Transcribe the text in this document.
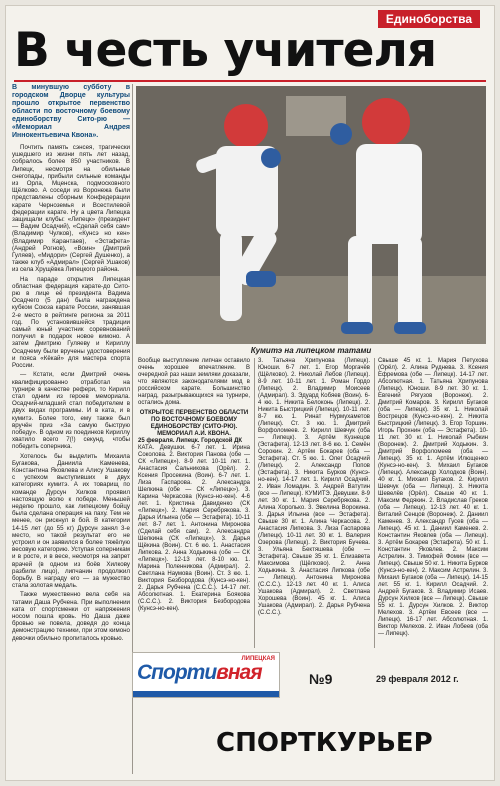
Единоборства
В честь учителя
В минувшую субботу в городском Дворце культуры прошло открытое первенство области по восточному боевому единоборству Сито-рю — «Мемориал Андрея Иннокентьевича Квона».

Почтить память сэнсея, трагически ушедшего из жизни пять лет назад, собралось более 850 участников. В Липецк, несмотря на обильные снегопады, прибыли сильные команды из Орла, Мценска, подмосковного Щёлково. А соседи из Воронежа были представлены сборным Конфедерации карате Черноземья и Всестилевой федерации карате. Ну а цвета Липецка защищали клубы: «Липецк» (президент — Вадим Осадчий), «Сделай себя сам» (Владимир Чулков), «Кунсэ но кен» (Владимир Карантаев), «Эстафета» (Андрей Рогнов), «Воин» (Дмитрий Гуляев), «Мидори» (Сергей Душенко), а также клуб «Адмирал» (Сергей Ушаков) из села Хрущёвка Липецкого района.

На параде открытия Липецкая областная федерация карате-до Сито-рю в лице её президента Вадима Осадчего (5 дан) была награждена кубком Союза карате России, занявшая 2-е место в рейтинге региона за 2011 год. По установившейся традиции самый юный участник соревнований получил в подарок новое кимоно. А затем Дмитрию Гуляеву и Кириллу Осадчему были вручены удостоверения и пояса «Кёкай» для мастера спорта России.

— Кстати, если Дмитрий очень квалифицированно отработал на турнире в качестве рефери, то Кирилл стал одним из героев мемориала. Осадчий-младший стал победителем в двух видах программы. И в ката, и в кумитэ. Более того, ему также был вручён приз «За самую быструю победу». В одном из поединков Кириллу хватило всего 7(!) секунд, чтобы победить соперника.

Хотелось бы выделить Михаила Бугакова, Даниила Каменева, Константина Яковлева и Алису Ушакову с успехом выступивших в двух категориях кумитэ. А их товарищ по команде Дурсун Хилков проявил настоящую волю к победе. Меньшей неделю прошло, как липецкому бойцу была сделана операция на паху. Тем не менее, он рискнул в бой. В категории 14-15 лет (до 55 кг) Дурсун занял 3-е место, но такой результат его не устроил и он заявился в более тяжёлую весовую категорию. Уступая соперникам и в росте, и в весе, несмотря на запрет врачей (в одном из боёв Хилкову разбили лицо), липчанин продолжил борьбу. В награду его — за мужество стала золотая медаль.

Также мужественно вела себя на татами Даша Рубчена. При выполнении ката от спортсменки от напряжения носом пошла кровь. Но Даша даже бровью не повела, доведя до конца демонстрацию техники, при этом кимоно девочки обильно пропиталось кровью.

Кумитэ на липецком татами
Вообще выступление липчан оставило очень хорошее впечатление. В очередной раз наши земляки доказали, что являются законодателями мод в российском карате. Большинство наград, разыгрывающихся на турнире, остались дома.
ОТКРЫТОЕ ПЕРВЕНСТВО ОБЛАСТИ ПО ВОСТОЧНОМУ БОЕВОМУ ЕДИНОБОРСТВУ (СИТО-РЮ). МЕМОРИАЛ А.И. КВОНА.
25 февраля. Липецк. Городской ДК
КАТА. Девушки. 6-7 лет. 1. Ирина Соколова. 2. Виктория Панова (обе — СК «Липецк»). 8-9 лет. 10-11 лет. 1. Анастасия Сальникова (Орёл). 2. Ксения Просекина (Воин). 6-7 лет. 1. Лиза Гаспарова. 2. Александра Шелкина (обе — СК «Липецк»). 3. Карина Черкасова (Кунсэ-но-кен). 4-6 лет. 1. Кристина Давиденко (СК «Липецк»). 2. Мария Серебрякова. 3. Дарья Ильина (обе — Эстафета). 10-11 лет. 8-7 лет. 1. Антонина Миронова (Сделай себя сам). 2. Александра Шелкина (СК «Липецк»). 3. Дарья Щёкина (Воин). Ст. 6 кю. 1. Анастасия Липкова. 2. Анна Ходыкина (обе — СК «Липецк»). 12-13 лет. 8-10 кю. 1. Марина Поленникова (Адмирал). 2. Светлана Наумова (Воин). Ст. 3 кю. 1. Виктория Безбородова (Кунсэ-но-кен). 2. Дарья Рубчена (С.С.С.). 14-17 лет. Абсолютная. 1. Екатерина Боякова (С.С.С.). 2. Виктория Безбородова (Кунсэ-но-кен).
3. Татьяна Хрипунова (Липецк). Юноши. 6-7 лет. 1. Егор Моргачёв (Щёлково). 2. Николай Лебов (Липецк). 8-9 лет. 10-11 лет. 1. Роман Гордо (Липецк). 2. Владимир Моисеев (Адмирал). 3. Эдуард Кобяев (Воин). 6-4 кю. 1. Никита Белоконь (Липецк). 2. Никита Быстрицкий (Липецк). 10-11 лет. 8-7 кю. 1. Ринат Нурмухаметов (Липецк). Ст. 3 кю. 1. Дмитрий Ворфоломеев. 2. Кирилл Шевчук (оба — Липецк). 3. Артём Кузнецов (Эстафета). 12-13 лет. 8-6 кю. 1. Семён Сорокин. 2. Артём Бокарев (оба — Эстафета). Ст. 5 кю. 1. Олег Осадчий (Липецк). 2. Александр Попов (Эстафета). 3. Никита Бурков (Кунсэ-но-кен). 14-17 лет. 1. Кирилл Осадчий. 2. Иван Ломадин. 3. Андрей Ватутин (все — Липецк). КУМИТЭ. Девушки. 8-9 лет. 30 кг. 1. Мария Серебрякова. 2. Алина Хоролько. 3. Эвелина Ворокина. 3. Дарья Ильина (все — Эстафета). Свыше 30 кг. 1. Алина Черкасова. 2. Анастасия Липкова. 3. Лиза Гаспарова (Липецк). 10-11 лет. 30 кг. 1. Валерия Озерова (Липецк). 2. Виктория Бучева. 3. Ульяна Бектяшева (обе — Эстафета). Свыше 35 кг. 1. Елизавета Максимова (Щёлково). 2. Анна Ходыкина. 3. Анастасия Липкова (обе — Липецк). Антонина Миронова (С.С.С.). 12-13 лет. 40 кг. 1. Алиса Ушакова (Адмирал). 2. Светлана Хорошева (Воин). 45 кг. 1. Алиса Ушакова (Адмирал). 2. Дарья Рубчена (С.С.С.).
Свыше 45 кг. 1. Мария Петухова (Орёл). 2. Алина Руднева. 3. Ксения Ефремова (обе — Липецк). 14-17 лет. Абсолютная. 1. Татьяна Хрипунова (Липецк). Юноши. 8-9 лет. 30 кг. 1. Евгений Рягузов (Воронеж). 2. Дмитрий Комаров. 3. Кирилл Бугаков (оба — Липецк). 35 кг. 1. Николай Вострецов (Кунсэ-но-кен). 2. Никита Быстрицкий (Липецк). 3. Егор Торшин. Игорь Прохнин (оба — Эстафета). 10-11 лет. 30 кг. 1. Николай Рыбкин (Воронеж). 2. Дмитрий Ходыкин. 3. Дмитрий Ворфоломеев (оба — Липецк). 35 кг. 1. Артём Илющенко (Кунсэ-но-кен). 3. Михаил Бугаков (Липецк). Александр Холодков (Воин). 40 кг. 1. Михаил Бугаков. 2. Кирилл Шевчук (оба — Липецк). 3. Никита Шевелёв (Орёл). Свыше 40 кг. 1. Максим Федякин. 2. Владислав Греков (оба — Липецк). 12-13 лет. 40 кг. 1. Виталий Сенцов (Воронеж). 2. Даниил Каменев. 3. Александр Гусев (оба — Липецк). 45 кг. 1. Даниил Каменев. 2. Константин Яковлев (оба — Липецк). 3. Артём Бокарев (Эстафета). 50 кг. 1. Константин Яковлев. 2. Максим Астрелин. 3. Тимофей Фомин (все — Липецк). Свыше 50 кг. 1. Никита Бурков (Кунсэ-но-кен). 2. Максим Астрелин. 3. Михаил Бугаков (оба — Липецк). 14-15 лет. 55 кг. 1. Кирилл Осадчий. 2. Андрей Бугаков. 3. Владимир Исаев. Дурсун Хилков (все — Липецк). Свыше 55 кг. 1. Дурсун Хилков. 2. Виктор Мелехов. 3. Артём Евсеев (все — Липецк). 16-17 лет. Абсолютная. 1. Виктор Мелехов. 2. Иван Лобеев (оба — Липецк).
ЛИПЕЦКАЯ
Спортивная	№9	29 февраля 2012 г.
СПОРТКУРЬЕР
